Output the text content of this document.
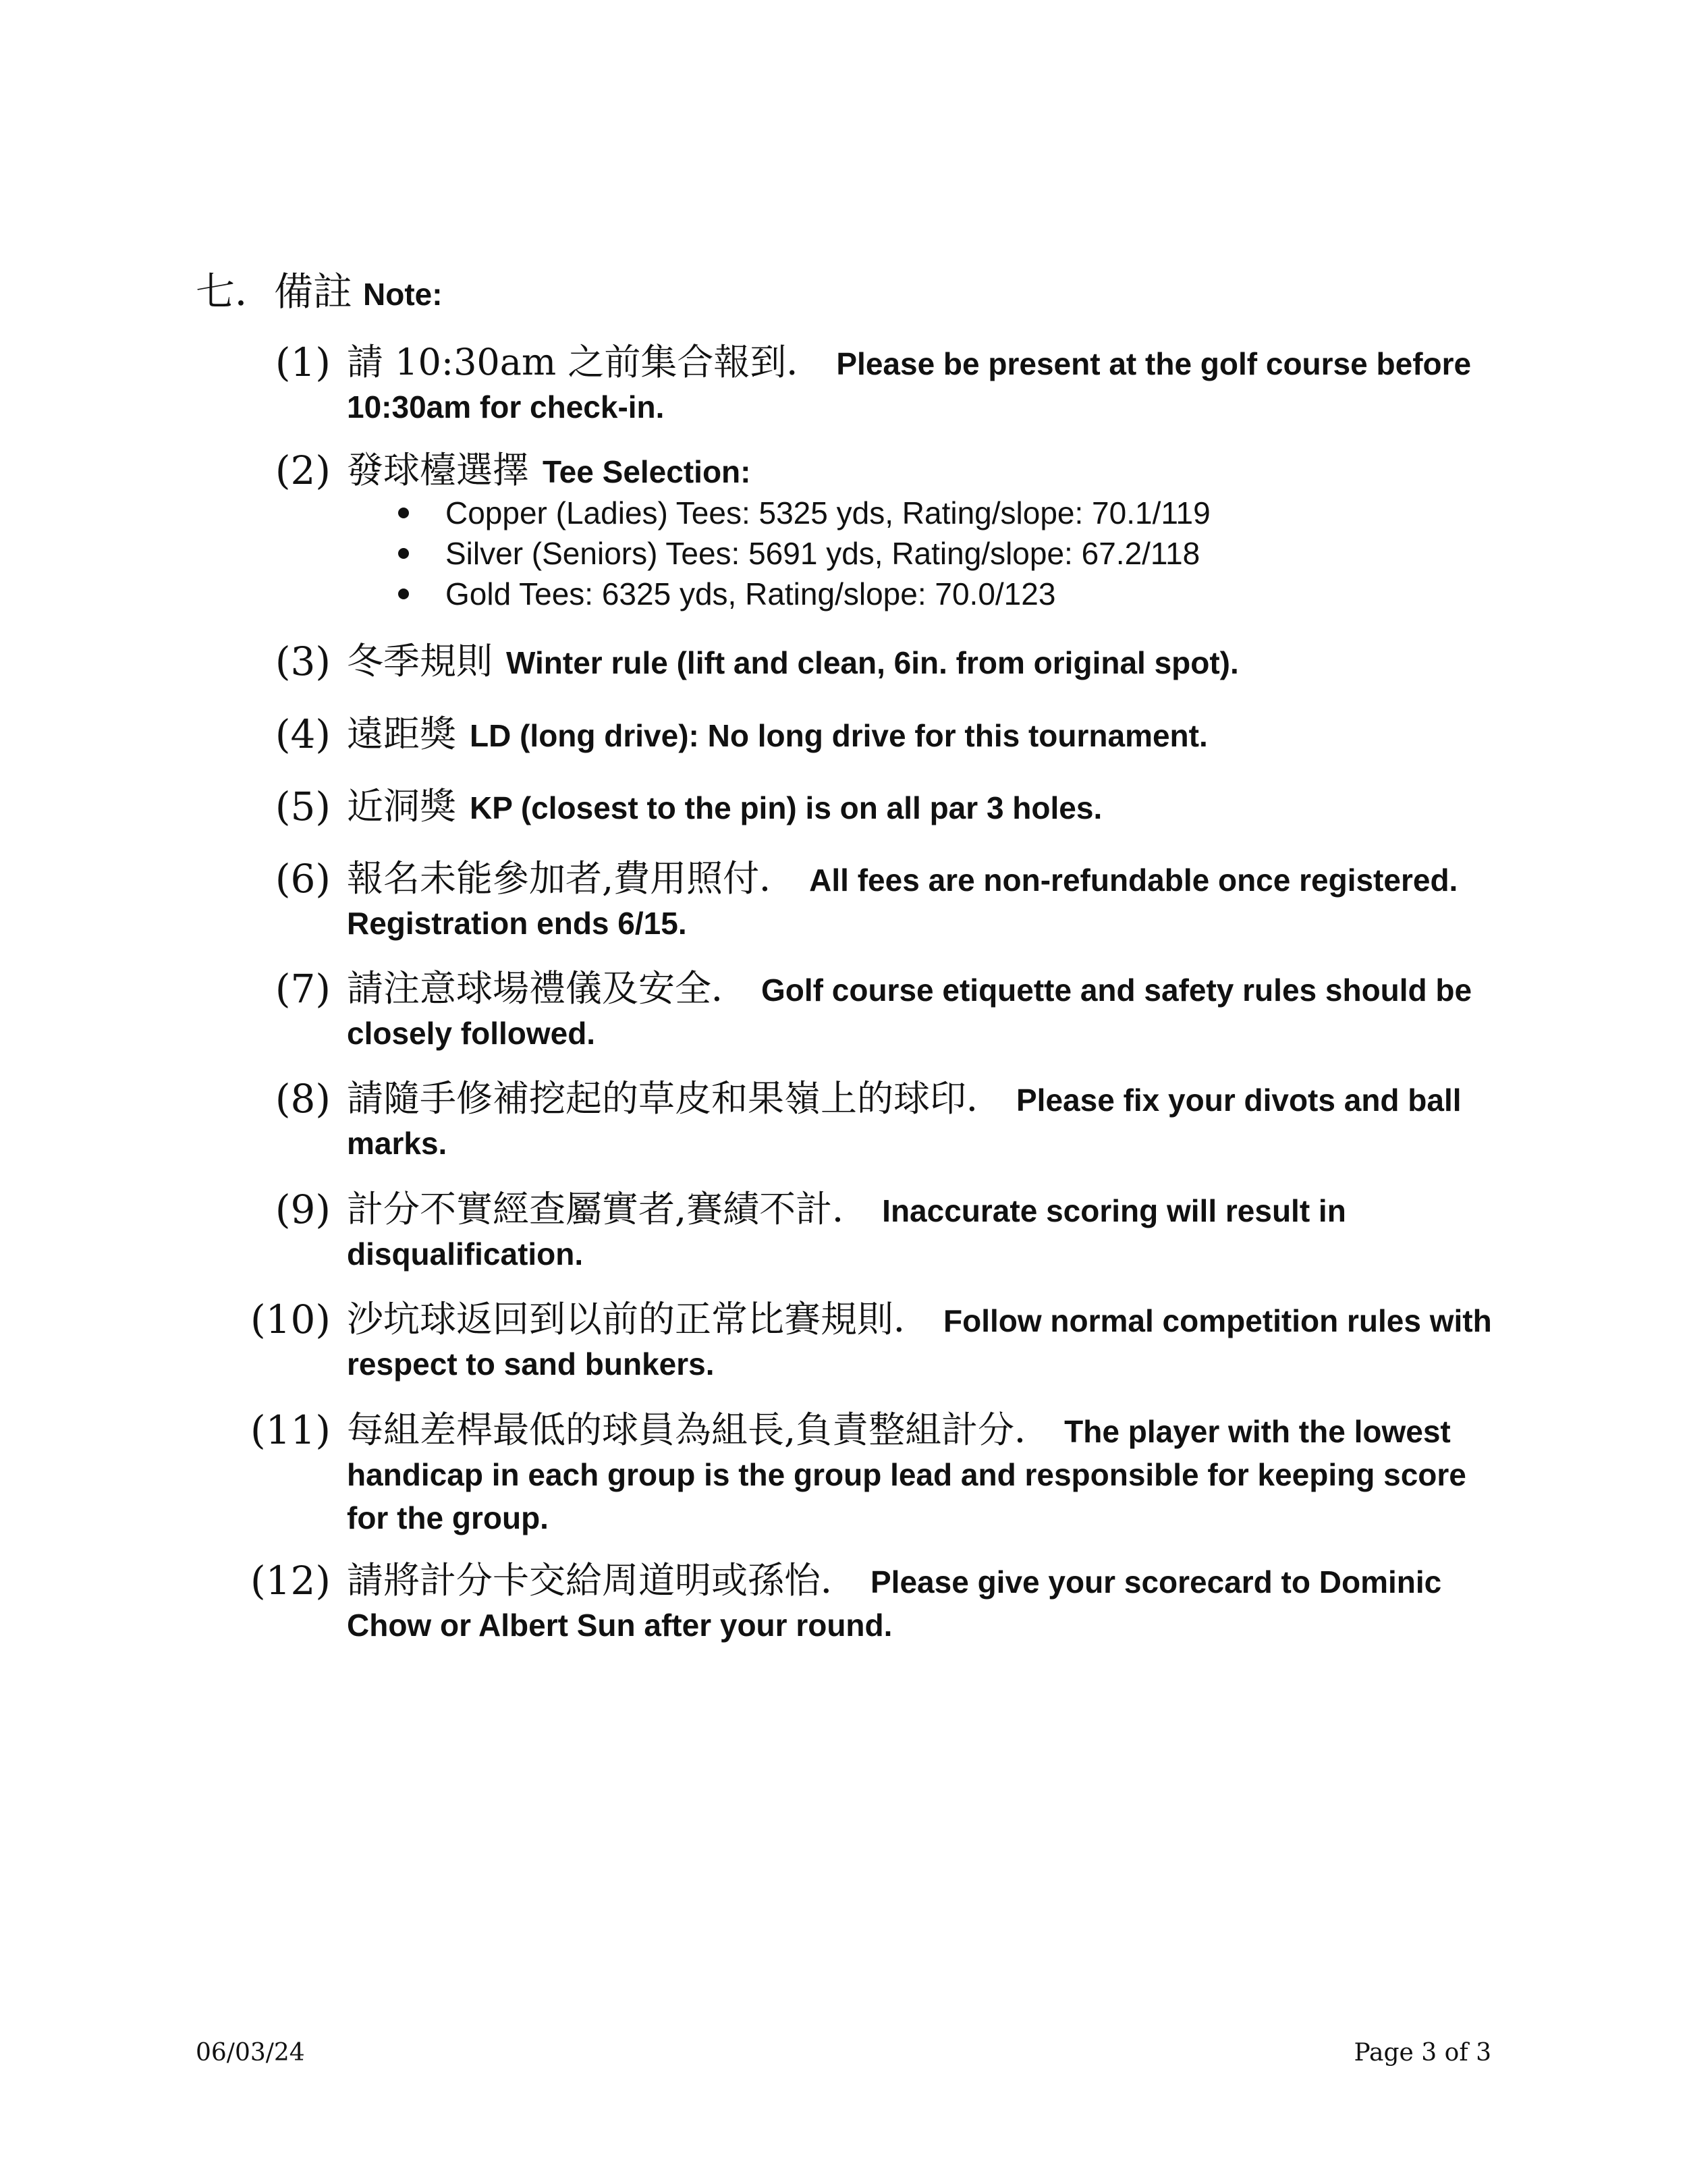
七．備註 Note:
(1) 請 10:30am 之前集合報到． Please be present at the golf course before 10:30am for check-in.
(2) 發球檯選擇 Tee Selection:
Copper (Ladies) Tees: 5325 yds, Rating/slope: 70.1/119
Silver (Seniors) Tees: 5691 yds, Rating/slope: 67.2/118
Gold Tees: 6325 yds, Rating/slope: 70.0/123
(3) 冬季規則 Winter rule (lift and clean, 6in. from original spot).
(4) 遠距獎 LD (long drive): No long drive for this tournament.
(5) 近洞獎 KP (closest to the pin) is on all par 3 holes.
(6) 報名未能參加者,費用照付． All fees are non-refundable once registered. Registration ends 6/15.
(7) 請注意球場禮儀及安全． Golf course etiquette and safety rules should be closely followed.
(8) 請隨手修補挖起的草皮和果嶺上的球印． Please fix your divots and ball marks.
(9) 計分不實經查屬實者,賽績不計． Inaccurate scoring will result in disqualification.
(10) 沙坑球返回到以前的正常比賽規則． Follow normal competition rules with respect to sand bunkers.
(11) 每組差桿最低的球員為組長,負責整組計分． The player with the lowest handicap in each group is the group lead and responsible for keeping score for the group.
(12) 請將計分卡交給周道明或孫怡． Please give your scorecard to Dominic Chow or Albert Sun after your round.
06/03/24	Page 3 of 3
